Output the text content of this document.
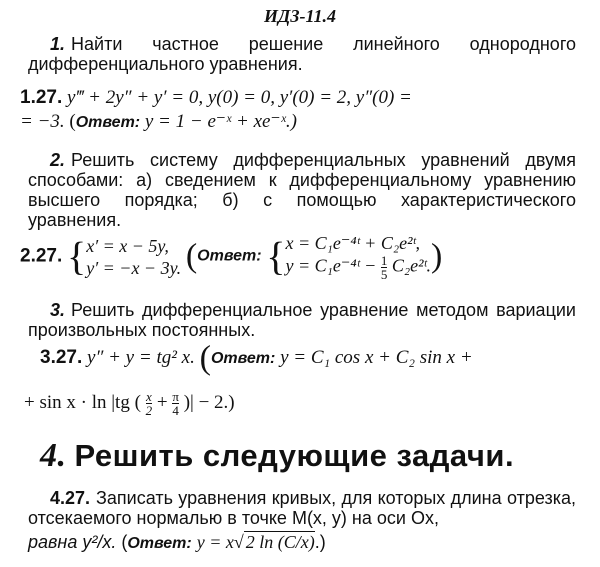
ИДЗ-11.4
1. Найти частное решение линейного однородного дифференциального уравнения.
1.27. y‴ + 2y″ + y′ = 0, y(0) = 0, y′(0) = 2, y″(0) =
= −3. (Ответ: y = 1 − e⁻ˣ + xe⁻ˣ.)
2. Решить систему дифференциальных уравнений двумя способами: а) сведением к дифференциальному уравнению высшего порядка; б) с помощью характеристического уравнения.
2.27. { x′ = x − 5y,
y′ = −x − 3y. (Ответ: { x = C₁e⁻⁴ᵗ + C₂e²ᵗ,
y = C₁e⁻⁴ᵗ − $\frac{1}{5}$ C₂e²ᵗ. )
3. Решить дифференциальное уравнение методом вариации произвольных постоянных.
3.27. y″ + y = tg² x. (Ответ: y = C₁ cos x + C₂ sin x +
+ sin x · ln |tg ( $\frac{x}{2} + \frac{\pi}{4}$ )| − 2.)
4. Решить следующие задачи.
4.27. Записать уравнения кривых, для которых длина отрезка, отсекаемого нормалью в точке M(x, y) на оси Ox,
равна y²/x. (Ответ: y = x√ 2 ln (C/x).)
